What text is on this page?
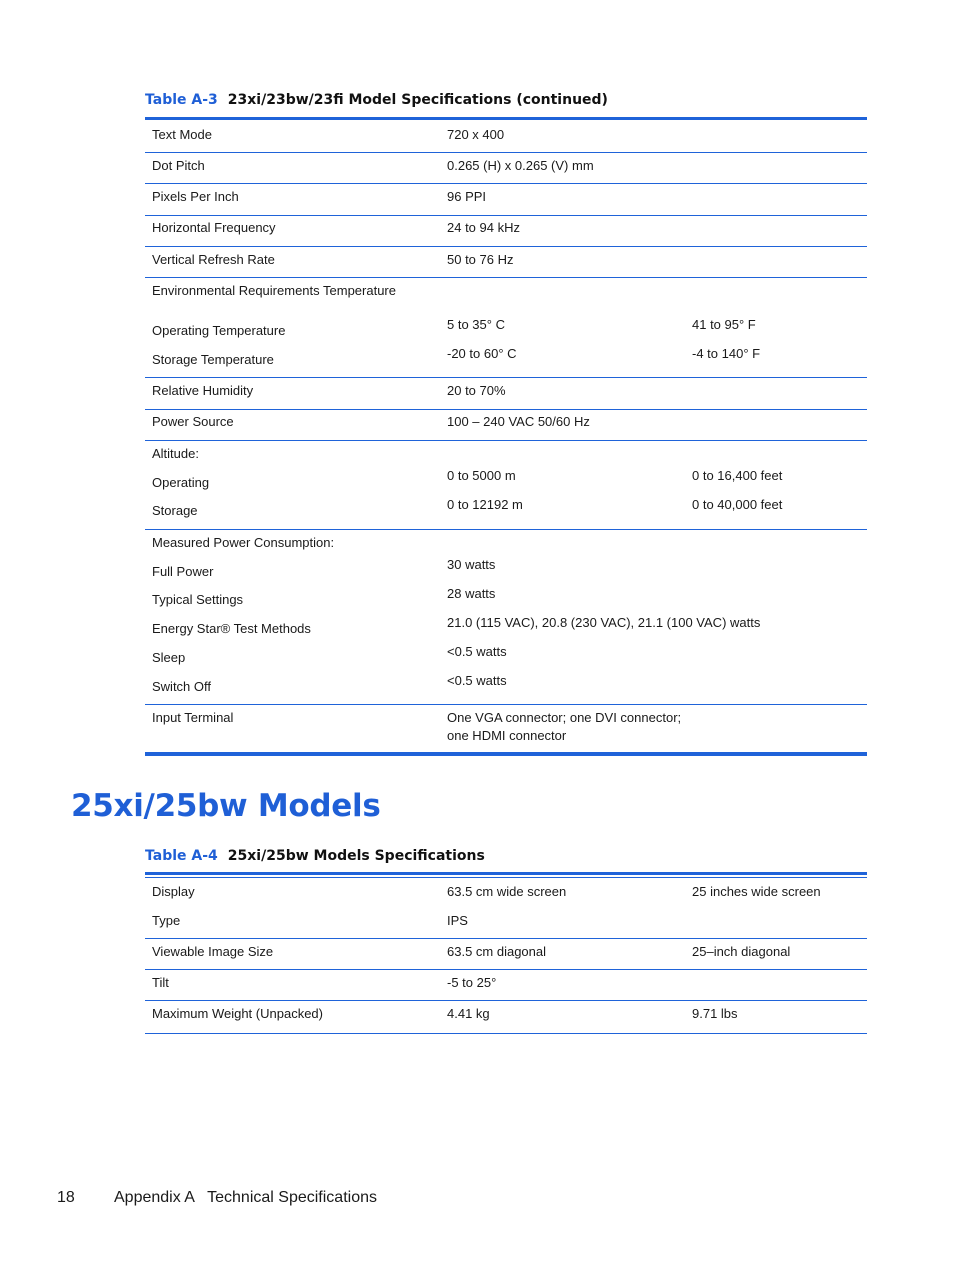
Table A-3 23xi/23bw/23fi Model Specifications (continued)
Text Mode	720 x 400
Dot Pitch	0.265 (H) x 0.265 (V) mm
Pixels Per Inch	96 PPI
Horizontal Frequency	24 to 94 kHz
Vertical Refresh Rate	50 to 76 Hz
Environmental Requirements Temperature
Operating Temperature	5 to 35° C	41 to 95° F
Storage Temperature	-20 to 60° C	-4 to 140° F
Relative Humidity	20 to 70%
Power Source	100 – 240 VAC 50/60 Hz
Altitude:
Operating	0 to 5000 m	0 to 16,400 feet
Storage	0 to 12192 m	0 to 40,000 feet
Measured Power Consumption:
Full Power	30 watts
Typical Settings	28 watts
Energy Star® Test Methods	21.0 (115 VAC), 20.8 (230 VAC), 21.1 (100 VAC) watts
Sleep	<0.5 watts
Switch Off	<0.5 watts
Input Terminal	One VGA connector; one DVI connector;
one HDMI connector
25xi/25bw Models
Table A-4 25xi/25bw Models Specifications
Display	63.5 cm wide screen	25 inches wide screen
Type	IPS
Viewable Image Size	63.5 cm diagonal	25–inch diagonal
Tilt	-5 to 25°
Maximum Weight (Unpacked)	4.41 kg	9.71 lbs
18 Appendix A   Technical Specifications
